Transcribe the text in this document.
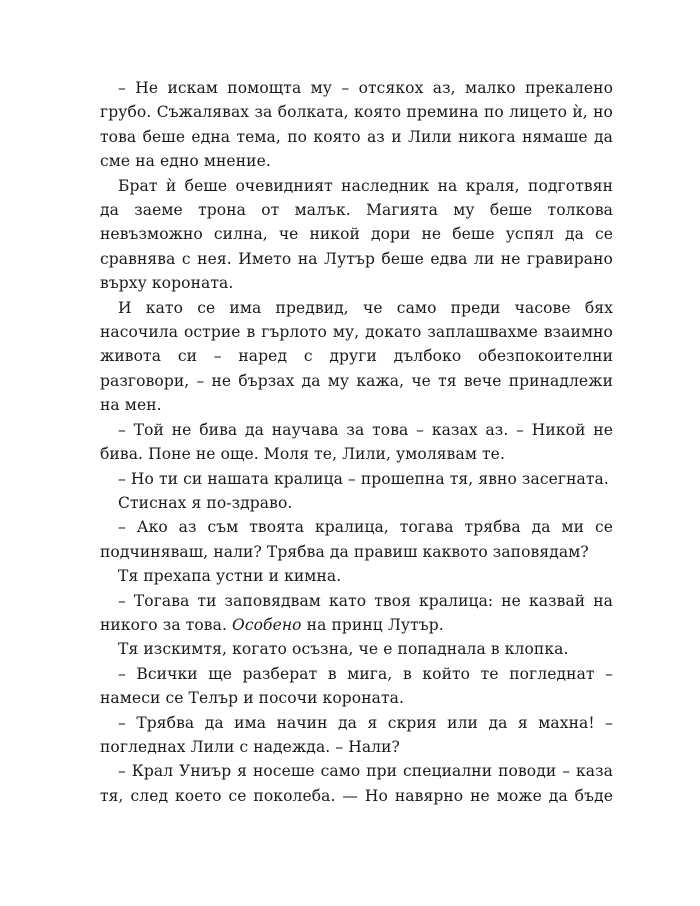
– Не искам помощта му – отсякох аз, малко прекалено грубо. Съжалявах за болката, която премина по лицето ѝ, но това беше една тема, по която аз и Лили никога нямаше да сме на едно мнение.

Брат ѝ беше очевидният наследник на краля, подготвян да заеме трона от малък. Магията му беше толкова невъзможно силна, че никой дори не беше успял да се сравнява с нея. Името на Лутър беше едва ли не гравирано върху короната.

И като се има предвид, че само преди часове бях насочила острие в гърлото му, докато заплашвахме взаимно живота си – наред с други дълбоко обезпокоителни разговори, – не бързах да му кажа, че тя вече принадлежи на мен.

– Той не бива да научава за това – казах аз. – Никой не бива. Поне не още. Моля те, Лили, умолявам те.

– Но ти си нашата кралица – прошепна тя, явно засегната.

Стиснах я по-здраво.

– Ако аз съм твоята кралица, тогава трябва да ми се подчиняваш, нали? Трябва да правиш каквото заповядам?

Тя прехапа устни и кимна.

– Тогава ти заповядвам като твоя кралица: не казвай на никого за това. Особено на принц Лутър.

Тя изскимтя, когато осъзна, че е попаднала в клопка.

– Всички ще разберат в мига, в който те погледнат – намеси се Телър и посочи короната.

– Трябва да има начин да я скрия или да я махна! – погледнах Лили с надежда. – Нали?

– Крал Униър я носеше само при специални поводи – каза тя, след което се поколеба. — Но навярно не може да бъде
